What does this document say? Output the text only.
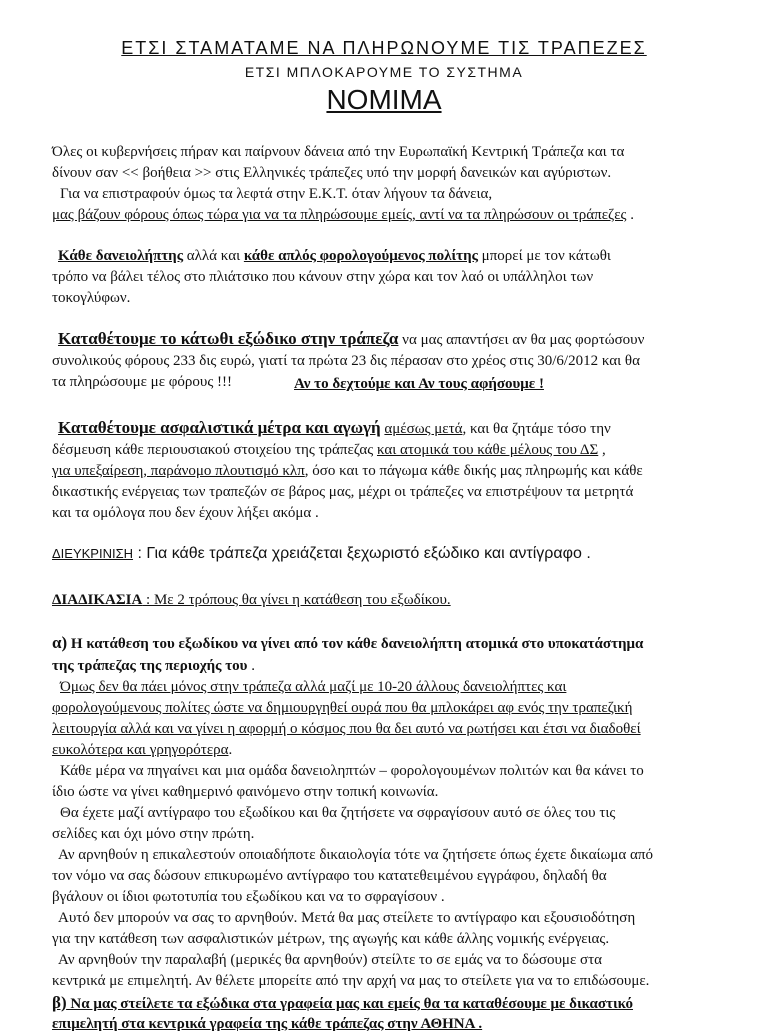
ΕΤΣΙ ΣΤΑΜΑΤΑΜΕ ΝΑ ΠΛΗΡΩΝΟΥΜΕ ΤΙΣ ΤΡΑΠΕΖΕΣ
ΕΤΣΙ ΜΠΛΟΚΑΡΟΥΜΕ ΤΟ ΣΥΣΤΗΜΑ
ΝΟΜΙΜΑ
Όλες οι κυβερνήσεις πήραν και παίρνουν δάνεια από την Ευρωπαϊκή Κεντρική Τράπεζα και τα
δίνουν σαν << βοήθεια >> στις Ελληνικές τράπεζες υπό την μορφή δανεικών και αγύριστων.
Για να επιστραφούν όμως τα λεφτά στην Ε.Κ.Τ. όταν λήγουν τα δάνεια,
μας βάζουν φόρους όπως τώρα για να τα πληρώσουμε εμείς, αντί να τα πληρώσουν οι τράπεζες .
Κάθε δανειολήπτης αλλά και κάθε απλός φορολογούμενος πολίτης μπορεί με τον κάτωθι
τρόπο να βάλει τέλος στο πλιάτσικο που κάνουν στην χώρα και τον λαό οι υπάλληλοι των
τοκογλύφων.
Καταθέτουμε το κάτωθι εξώδικο στην τράπεζα να μας απαντήσει αν θα μας φορτώσουν
συνολικούς φόρους 233 δις ευρώ, γιατί τα πρώτα 23 δις πέρασαν στο χρέος στις 30/6/2012 και θα
τα πληρώσουμε με φόρους !!!	Αν το δεχτούμε και Αν τους αφήσουμε !
Καταθέτουμε ασφαλιστικά μέτρα και αγωγή αμέσως μετά, και θα ζητάμε τόσο την
δέσμευση κάθε περιουσιακού στοιχείου της τράπεζας και ατομικά του κάθε μέλους του ΔΣ ,
για υπεξαίρεση, παράνομο πλουτισμό κλπ, όσο και το πάγωμα κάθε δικής μας πληρωμής και κάθε
δικαστικής ενέργειας των τραπεζών σε βάρος μας, μέχρι οι τράπεζες να επιστρέψουν τα μετρητά
και τα ομόλογα που δεν έχουν λήξει ακόμα .
ΔΙΕΥΚΡΙΝΙΣΗ : Για κάθε τράπεζα χρειάζεται ξεχωριστό εξώδικο και αντίγραφο .
ΔΙΑΔΙΚΑΣΙΑ : Με 2 τρόπους θα γίνει η κατάθεση του εξωδίκου.
α) Η κατάθεση του εξωδίκου να γίνει από τον κάθε δανειολήπτη ατομικά στο υποκατάστημα
της τράπεζας της περιοχής του .
Όμως δεν θα πάει μόνος στην τράπεζα αλλά μαζί με 10-20 άλλους δανειολήπτες και
φορολογούμενους πολίτες ώστε να δημιουργηθεί ουρά που θα μπλοκάρει αφ ενός την τραπεζική
λειτουργία αλλά και να γίνει η αφορμή ο κόσμος που θα δει αυτό να ρωτήσει και έτσι να διαδοθεί
ευκολότερα και γρηγορότερα.
Κάθε μέρα να πηγαίνει και μια ομάδα δανειοληπτών – φορολογουμένων πολιτών και θα κάνει το
ίδιο ώστε να γίνει καθημερινό φαινόμενο στην τοπική κοινωνία.
Θα έχετε μαζί αντίγραφο του εξωδίκου και θα ζητήσετε να σφραγίσουν αυτό σε όλες του τις
σελίδες και όχι μόνο στην πρώτη.
Αν αρνηθούν η επικαλεστούν οποιαδήποτε δικαιολογία τότε να ζητήσετε όπως έχετε δικαίωμα από
τον νόμο να σας δώσουν επικυρωμένο αντίγραφο του κατατεθειμένου εγγράφου, δηλαδή θα
βγάλουν οι ίδιοι φωτοτυπία του εξωδίκου και να το σφραγίσουν .
Αυτό δεν μπορούν να σας το αρνηθούν. Μετά θα μας στείλετε το αντίγραφο και εξουσιοδότηση
για την κατάθεση των ασφαλιστικών μέτρων, της αγωγής και κάθε άλλης νομικής ενέργειας.
Αν αρνηθούν την παραλαβή (μερικές θα αρνηθούν) στείλτε το σε εμάς να το δώσουμε στα
κεντρικά με επιμελητή. Αν θέλετε μπορείτε από την αρχή να μας το στείλετε για να το επιδώσουμε.
β) Να μας στείλετε τα εξώδικα στα γραφεία μας και εμείς θα τα καταθέσουμε με δικαστικό
επιμελητή στα κεντρικά γραφεία της κάθε τράπεζας στην ΑΘΗΝΑ .
